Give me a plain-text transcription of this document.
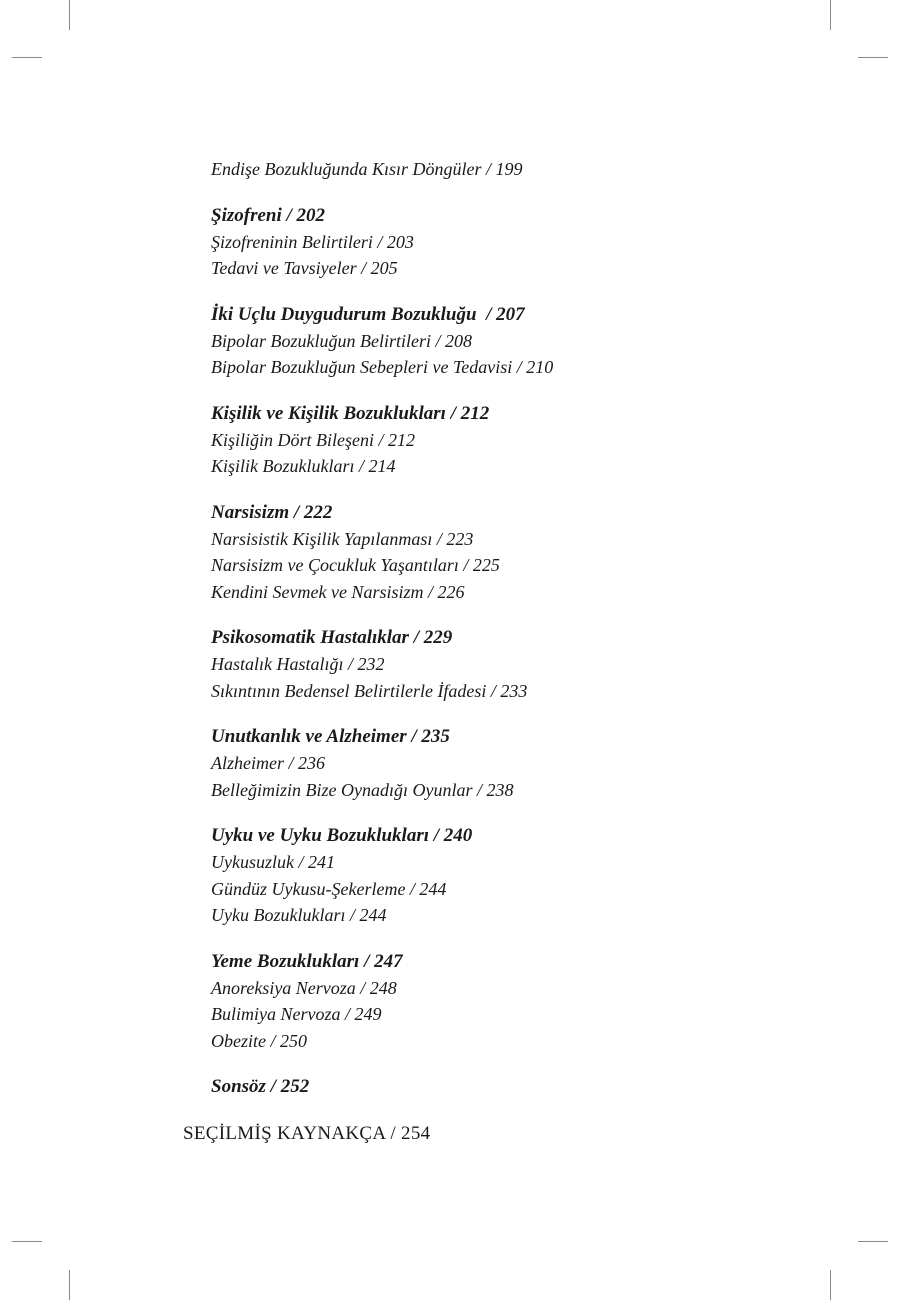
Endişe Bozukluğunda Kısır Döngüler / 199
Şizofreni / 202
Şizofreninin Belirtileri / 203
Tedavi ve Tavsiyeler / 205
İki Uçlu Duygudurum Bozukluğu  / 207
Bipolar Bozukluğun Belirtileri / 208
Bipolar Bozukluğun Sebepleri ve Tedavisi / 210
Kişilik ve Kişilik Bozuklukları / 212
Kişiliğin Dört Bileşeni / 212
Kişilik Bozuklukları / 214
Narsisizm / 222
Narsisistik Kişilik Yapılanması / 223
Narsisizm ve Çocukluk Yaşantıları / 225
Kendini Sevmek ve Narsisizm / 226
Psikosomatik Hastalıklar / 229
Hastalık Hastalığı / 232
Sıkıntının Bedensel Belirtilerle İfadesi / 233
Unutkanlık ve Alzheimer / 235
Alzheimer / 236
Belleğimizin Bize Oynadığı Oyunlar / 238
Uyku ve Uyku Bozuklukları / 240
Uykusuzluk / 241
Gündüz Uykusu-Şekerleme / 244
Uyku Bozuklukları / 244
Yeme Bozuklukları / 247
Anoreksiya Nervoza / 248
Bulimiya Nervoza / 249
Obezite / 250
Sonsöz / 252
SEÇİLMİŞ KAYNAKÇA / 254
